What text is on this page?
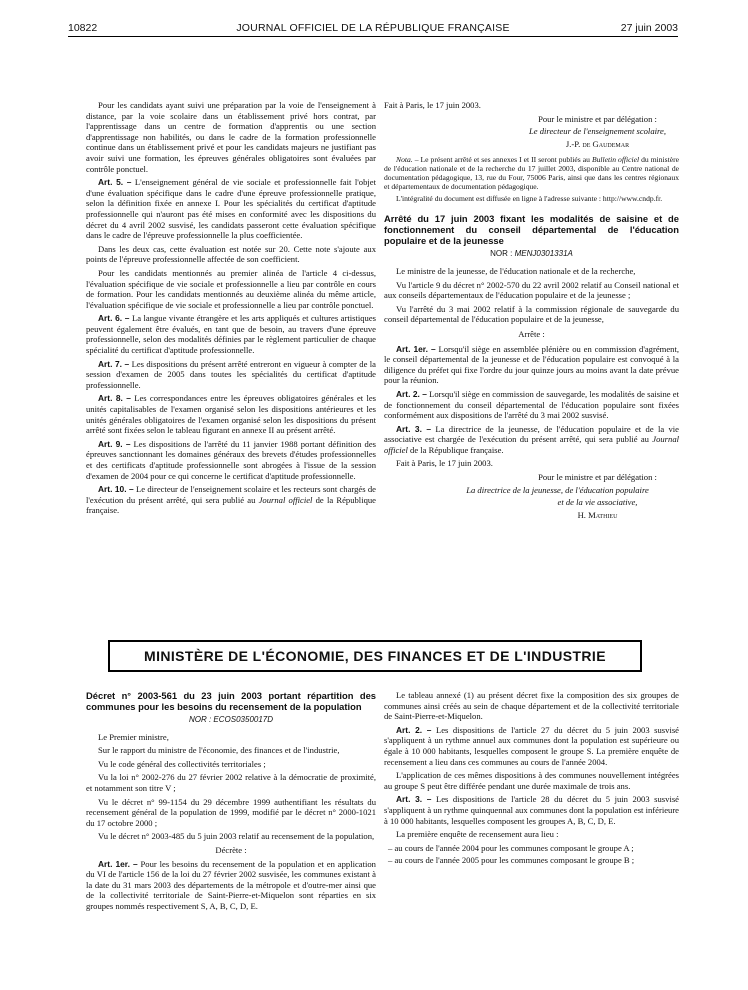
10822	JOURNAL OFFICIEL DE LA RÉPUBLIQUE FRANÇAISE	27 juin 2003

Pour les candidats ayant suivi une préparation par la voie de l'enseignement à distance, par la voie scolaire dans un établissement privé hors contrat, par l'apprentissage dans un centre de formation d'apprentis ou une section d'apprentissage non habilités, ou dans le cadre de la formation professionnelle continue dans un établissement privé et pour les candidats majeurs ne justifiant pas avoir suivi une formation, les épreuves générales obligatoires sont évaluées par contrôle ponctuel.

Art. 5. – L'enseignement général de vie sociale et professionnelle fait l'objet d'une évaluation spécifique dans le cadre d'une épreuve professionnelle pratique, selon la définition fixée en annexe I. Pour les spécialités du certificat d'aptitude professionnelle qui n'auront pas été mises en conformité avec les dispositions du décret du 4 avril 2002 susvisé, les candidats passeront cette évaluation spécifique dans le cadre de l'épreuve professionnelle la plus coefficientée.

Dans les deux cas, cette évaluation est notée sur 20. Cette note s'ajoute aux points de l'épreuve professionnelle affectée de son coefficient.

Pour les candidats mentionnés au premier alinéa de l'article 4 ci-dessus, l'évaluation spécifique de vie sociale et professionnelle a lieu par contrôle en cours de formation. Pour les candidats mentionnés au deuxième alinéa du même article, l'évaluation spécifique de vie sociale et professionnelle a lieu par contrôle ponctuel.

Art. 6. – La langue vivante étrangère et les arts appliqués et cultures artistiques peuvent également être évalués, en tant que de besoin, au travers d'une épreuve professionnelle, selon des modalités définies par le règlement particulier de chaque spécialité du certificat d'aptitude professionnelle.

Art. 7. – Les dispositions du présent arrêté entreront en vigueur à compter de la session d'examen de 2005 dans toutes les spécialités du certificat d'aptitude professionnelle.

Art. 8. – Les correspondances entre les épreuves obligatoires générales et les unités capitalisables de l'examen organisé selon les dispositions antérieures et les unités générales obligatoires de l'examen organisé selon les dispositions du présent arrêté sont fixées selon le tableau figurant en annexe II au présent arrêté.

Art. 9. – Les dispositions de l'arrêté du 11 janvier 1988 portant définition des épreuves sanctionnant les domaines généraux des brevets d'études professionnelles et des certificats d'aptitude professionnelle sont abrogées à l'issue de la session d'examen de 2004 pour ce qui concerne le certificat d'aptitude professionnelle.

Art. 10. – Le directeur de l'enseignement scolaire et les recteurs sont chargés de l'exécution du présent arrêté, qui sera publié au Journal officiel de la République française.

Fait à Paris, le 17 juin 2003.

Pour le ministre et par délégation :

Le directeur de l'enseignement scolaire,

J.-P. de Gaudemar

Nota. – Le présent arrêté et ses annexes I et II seront publiés au Bulletin officiel du ministère de l'éducation nationale et de la recherche du 17 juillet 2003, disponible au Centre national de documentation pédagogique, 13, rue du Four, 75006 Paris, ainsi que dans les centres régionaux et départementaux de documentation pédagogique.

L'intégralité du document est diffusée en ligne à l'adresse suivante : http://www.cndp.fr.

Arrêté du 17 juin 2003 fixant les modalités de saisine et de fonctionnement du conseil départemental de l'éducation populaire et de la jeunesse
NOR : MENJ0301331A

Le ministre de la jeunesse, de l'éducation nationale et de la recherche,

Vu l'article 9 du décret n° 2002-570 du 22 avril 2002 relatif au Conseil national et aux conseils départementaux de l'éducation populaire et de la jeunesse ;

Vu l'arrêté du 3 mai 2002 relatif à la commission régionale de sauvegarde du conseil départemental de l'éducation populaire et de la jeunesse,

Arrête :

Art. 1er. – Lorsqu'il siège en assemblée plénière ou en commission d'agrément, le conseil départemental de la jeunesse et de l'éducation populaire est convoqué à la diligence du préfet qui fixe l'ordre du jour quinze jours au moins avant la date prévue pour la réunion.

Art. 2. – Lorsqu'il siège en commission de sauvegarde, les modalités de saisine et de fonctionnement du conseil départemental de l'éducation populaire sont fixées conformément aux dispositions de l'arrêté du 3 mai 2002 susvisé.

Art. 3. – La directrice de la jeunesse, de l'éducation populaire et de la vie associative est chargée de l'exécution du présent arrêté, qui sera publié au Journal officiel de la République française.

Fait à Paris, le 17 juin 2003.

Pour le ministre et par délégation :

La directrice de la jeunesse, de l'éducation populaire

et de la vie associative,

H. Mathieu

MINISTÈRE DE L'ÉCONOMIE, DES FINANCES ET DE L'INDUSTRIE
Décret n° 2003-561 du 23 juin 2003 portant répartition des communes pour les besoins du recensement de la population
NOR : ECOS0350017D

Le Premier ministre,

Sur le rapport du ministre de l'économie, des finances et de l'industrie,

Vu le code général des collectivités territoriales ;

Vu la loi n° 2002-276 du 27 février 2002 relative à la démocratie de proximité, et notamment son titre V ;

Vu le décret n° 99-1154 du 29 décembre 1999 authentifiant les résultats du recensement général de la population de 1999, modifié par le décret n° 2000-1021 du 17 octobre 2000 ;

Vu le décret n° 2003-485 du 5 juin 2003 relatif au recensement de la population,

Décrète :

Art. 1er. – Pour les besoins du recensement de la population et en application du VI de l'article 156 de la loi du 27 février 2002 susvisée, les communes existant à la date du 31 mars 2003 des départements de la métropole et d'outre-mer ainsi que de la collectivité territoriale de Saint-Pierre-et-Miquelon sont réparties en six groupes nommés respectivement S, A, B, C, D, E.

Le tableau annexé (1) au présent décret fixe la composition des six groupes de communes ainsi créés au sein de chaque département et de la collectivité territoriale de Saint-Pierre-et-Miquelon.

Art. 2. – Les dispositions de l'article 27 du décret du 5 juin 2003 susvisé s'appliquent à un rythme annuel aux communes dont la population est supérieure ou égale à 10 000 habitants, lesquelles composent le groupe S. La première enquête de recensement a lieu dans ces communes au cours de l'année 2004.

L'application de ces mêmes dispositions à des communes nouvellement intégrées au groupe S peut être différée pendant une durée maximale de trois ans.

Art. 3. – Les dispositions de l'article 28 du décret du 5 juin 2003 susvisé s'appliquent à un rythme quinquennal aux communes dont la population est inférieure à 10 000 habitants, lesquelles composent les groupes A, B, C, D, E.

La première enquête de recensement aura lieu :

– au cours de l'année 2004 pour les communes composant le groupe A ;

– au cours de l'année 2005 pour les communes composant le groupe B ;
